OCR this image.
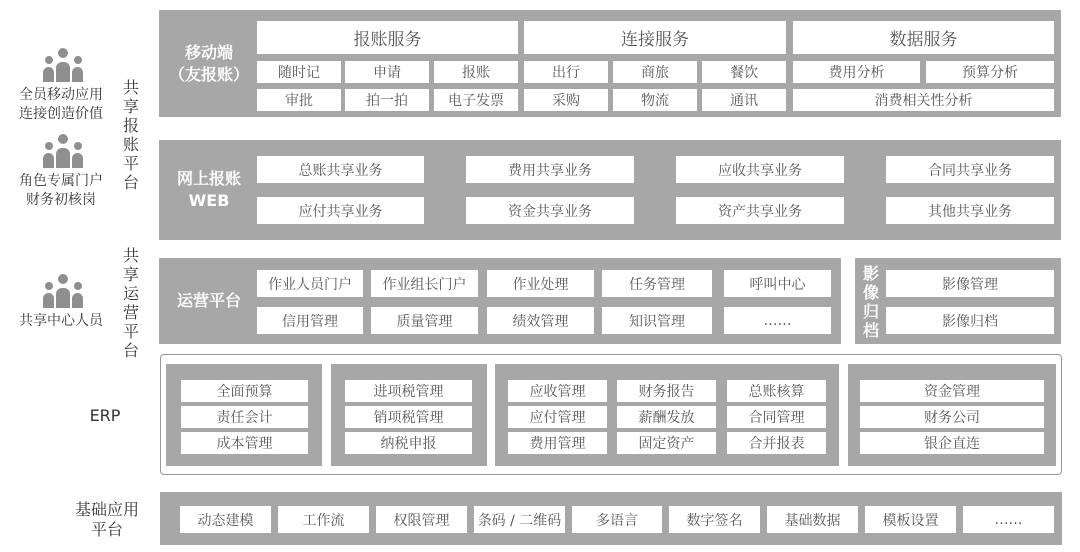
全员移动应用
连接创造价值
角色专属门户
财务初核岗
共享中心人员
ERP
基础应用
平台
共享报账平台
共享运营平台
移动端
（友报账）
报账服务	连接服务	数据服务
随时记	申请	报账
审批	拍一拍	电子发票
出行	商旅	餐饮
采购	物流	通讯
费用分析	预算分析
消费相关性分析
网上报账
WEB
总账共享业务	费用共享业务	应收共享业务	合同共享业务
应付共享业务	资金共享业务	资产共享业务	其他共享业务
运营平台
作业人员门户	作业组长门户	作业处理	任务管理	呼叫中心
信用管理	质量管理	绩效管理	知识管理	……
影像归档
影像管理
影像归档
全面预算
责任会计
成本管理
进项税管理
销项税管理
纳税申报
应收管理	财务报告	总账核算
应付管理	薪酬发放	合同管理
费用管理	固定资产	合并报表
资金管理
财务公司
银企直连
动态建模	工作流	权限管理	条码 / 二维码	多语言	数字签名	基础数据	模板设置	……
